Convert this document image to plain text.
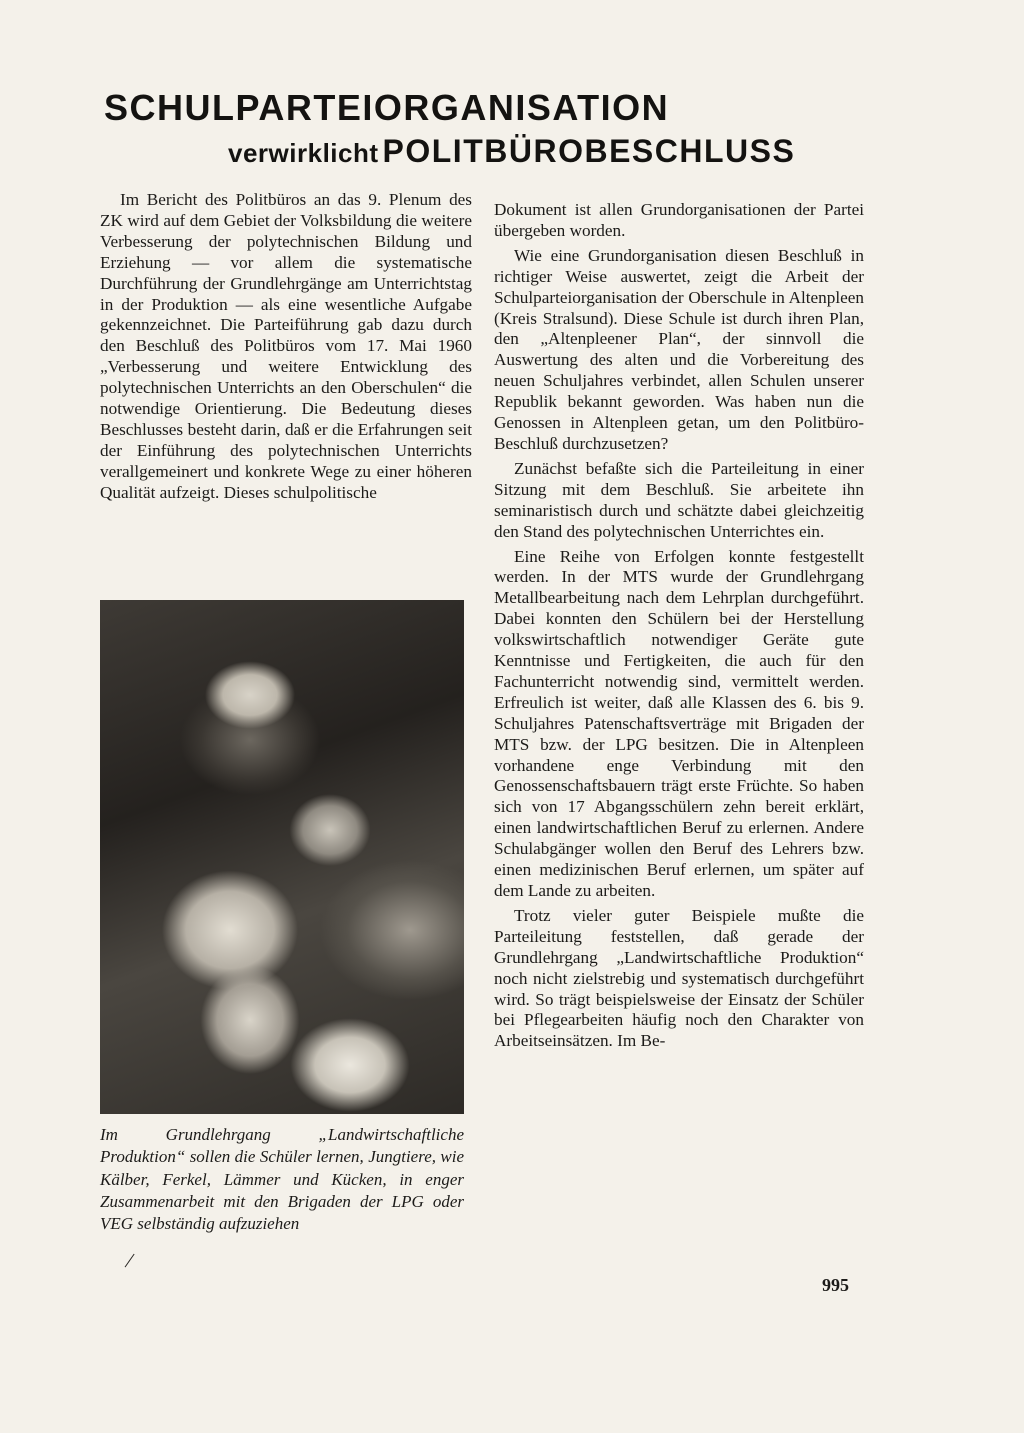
SCHULPARTEIORGANISATION
verwirklicht POLITBÜROBESCHLUSS

Im Bericht des Politbüros an das 9. Plenum des ZK wird auf dem Gebiet der Volksbildung die weitere Verbesserung der polytechnischen Bildung und Erziehung — vor allem die systematische Durchführung der Grundlehrgänge am Unterrichtstag in der Produktion — als eine wesentliche Aufgabe gekennzeichnet. Die Parteiführung gab dazu durch den Beschluß des Politbüros vom 17. Mai 1960 „Verbesserung und weitere Entwicklung des polytechnischen Unterrichts an den Oberschulen“ die notwendige Orientierung. Die Bedeutung dieses Beschlusses besteht darin, daß er die Erfahrungen seit der Einführung des polytechnischen Unterrichts verallgemeinert und konkrete Wege zu einer höheren Qualität aufzeigt. Dieses schulpolitische

Im Grundlehrgang „Landwirtschaftliche Produktion“ sollen die Schüler lernen, Jungtiere, wie Kälber, Ferkel, Lämmer und Kücken, in enger Zusammenarbeit mit den Brigaden der LPG oder VEG selbständig aufzuziehen

Dokument ist allen Grundorganisationen der Partei übergeben worden.

Wie eine Grundorganisation diesen Beschluß in richtiger Weise auswertet, zeigt die Arbeit der Schulparteiorganisation der Oberschule in Altenpleen (Kreis Stralsund). Diese Schule ist durch ihren Plan, den „Altenpleener Plan“, der sinnvoll die Auswertung des alten und die Vorbereitung des neuen Schuljahres verbindet, allen Schulen unserer Republik bekannt geworden. Was haben nun die Genossen in Altenpleen getan, um den Politbüro-Beschluß durchzusetzen?

Zunächst befaßte sich die Parteileitung in einer Sitzung mit dem Beschluß. Sie arbeitete ihn seminaristisch durch und schätzte dabei gleichzeitig den Stand des polytechnischen Unterrichtes ein.

Eine Reihe von Erfolgen konnte festgestellt werden. In der MTS wurde der Grundlehrgang Metallbearbeitung nach dem Lehrplan durchgeführt. Dabei konnten den Schülern bei der Herstellung volkswirtschaftlich notwendiger Geräte gute Kenntnisse und Fertigkeiten, die auch für den Fachunterricht notwendig sind, vermittelt werden. Erfreulich ist weiter, daß alle Klassen des 6. bis 9. Schuljahres Patenschaftsverträge mit Brigaden der MTS bzw. der LPG besitzen. Die in Altenpleen vorhandene enge Verbindung mit den Genossenschaftsbauern trägt erste Früchte. So haben sich von 17 Abgangsschülern zehn bereit erklärt, einen landwirtschaftlichen Beruf zu erlernen. Andere Schulabgänger wollen den Beruf des Lehrers bzw. einen medizinischen Beruf erlernen, um später auf dem Lande zu arbeiten.

Trotz vieler guter Beispiele mußte die Parteileitung feststellen, daß gerade der Grundlehrgang „Landwirtschaftliche Produktion“ noch nicht zielstrebig und systematisch durchgeführt wird. So trägt beispielsweise der Einsatz der Schüler bei Pflegearbeiten häufig noch den Charakter von Arbeitseinsätzen. Im Be-

995
